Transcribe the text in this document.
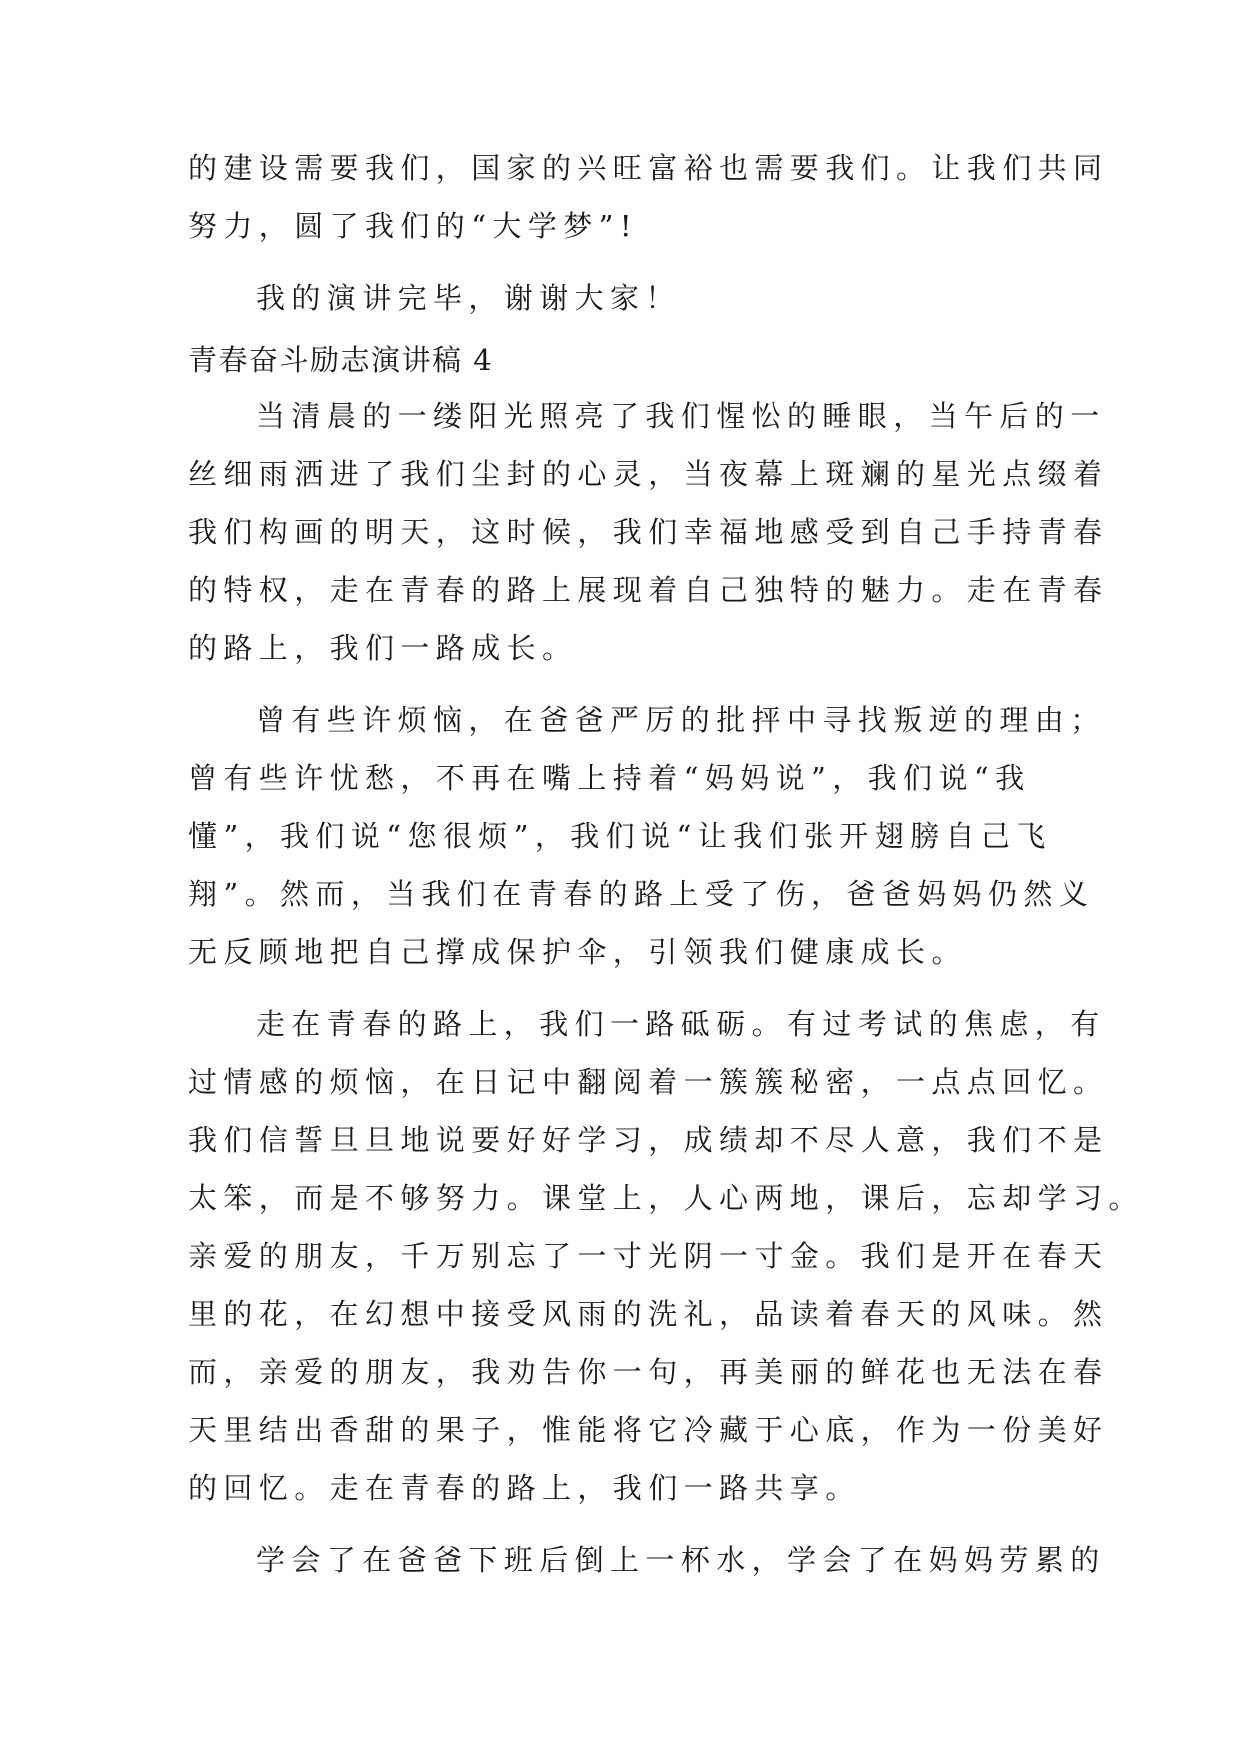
的建设需要我们，国家的兴旺富裕也需要我们。让我们共同
努力，圆了我们的“大学梦”!
我的演讲完毕，谢谢大家！
青春奋斗励志演讲稿 4
当清晨的一缕阳光照亮了我们惺忪的睡眼，当午后的一
丝细雨洒进了我们尘封的心灵，当夜幕上斑斓的星光点缀着
我们构画的明天，这时候，我们幸福地感受到自己手持青春
的特权，走在青春的路上展现着自己独特的魅力。走在青春
的路上，我们一路成长。
曾有些许烦恼，在爸爸严厉的批抨中寻找叛逆的理由；
曾有些许忧愁，不再在嘴上持着“妈妈说”，我们说“我
懂”，我们说“您很烦”，我们说“让我们张开翅膀自己飞
翔”。然而，当我们在青春的路上受了伤，爸爸妈妈仍然义
无反顾地把自己撑成保护伞，引领我们健康成长。
走在青春的路上，我们一路砥砺。有过考试的焦虑，有
过情感的烦恼，在日记中翻阅着一簇簇秘密，一点点回忆。
我们信誓旦旦地说要好好学习，成绩却不尽人意，我们不是
太笨，而是不够努力。课堂上，人心两地，课后，忘却学习。
亲爱的朋友，千万别忘了一寸光阴一寸金。我们是开在春天
里的花，在幻想中接受风雨的洗礼，品读着春天的风味。然
而，亲爱的朋友，我劝告你一句，再美丽的鲜花也无法在春
天里结出香甜的果子，惟能将它冷藏于心底，作为一份美好
的回忆。走在青春的路上，我们一路共享。
学会了在爸爸下班后倒上一杯水，学会了在妈妈劳累的
